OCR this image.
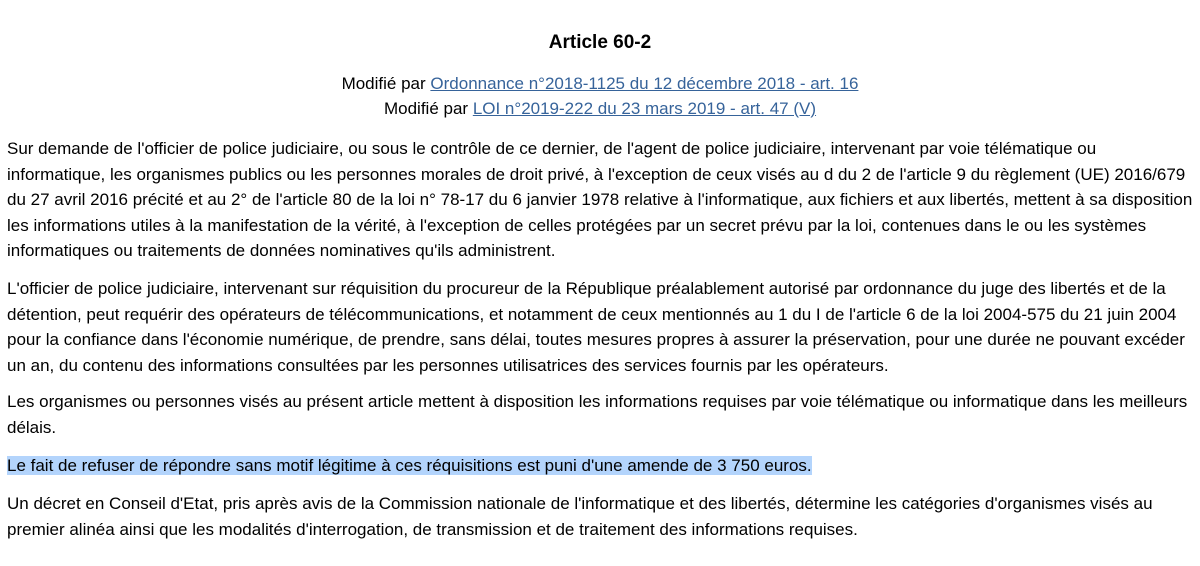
Article 60-2

Modifié par Ordonnance n°2018-1125 du 12 décembre 2018 - art. 16

Modifié par LOI n°2019-222 du 23 mars 2019 - art. 47 (V)

Sur demande de l'officier de police judiciaire, ou sous le contrôle de ce dernier, de l'agent de police judiciaire, intervenant par voie télématique ou informatique, les organismes publics ou les personnes morales de droit privé, à l'exception de ceux visés au d du 2 de l'article 9 du règlement (UE) 2016/679 du 27 avril 2016 précité et au 2° de l'article 80 de la loi n° 78-17 du 6 janvier 1978 relative à l'informatique, aux fichiers et aux libertés, mettent à sa disposition les informations utiles à la manifestation de la vérité, à l'exception de celles protégées par un secret prévu par la loi, contenues dans le ou les systèmes informatiques ou traitements de données nominatives qu'ils administrent.

L'officier de police judiciaire, intervenant sur réquisition du procureur de la République préalablement autorisé par ordonnance du juge des libertés et de la détention, peut requérir des opérateurs de télécommunications, et notamment de ceux mentionnés au 1 du I de l'article 6 de la loi 2004-575 du 21 juin 2004 pour la confiance dans l'économie numérique, de prendre, sans délai, toutes mesures propres à assurer la préservation, pour une durée ne pouvant excéder un an, du contenu des informations consultées par les personnes utilisatrices des services fournis par les opérateurs.

Les organismes ou personnes visés au présent article mettent à disposition les informations requises par voie télématique ou informatique dans les meilleurs délais.

Le fait de refuser de répondre sans motif légitime à ces réquisitions est puni d'une amende de 3 750 euros.

Un décret en Conseil d'Etat, pris après avis de la Commission nationale de l'informatique et des libertés, détermine les catégories d'organismes visés au premier alinéa ainsi que les modalités d'interrogation, de transmission et de traitement des informations requises.
